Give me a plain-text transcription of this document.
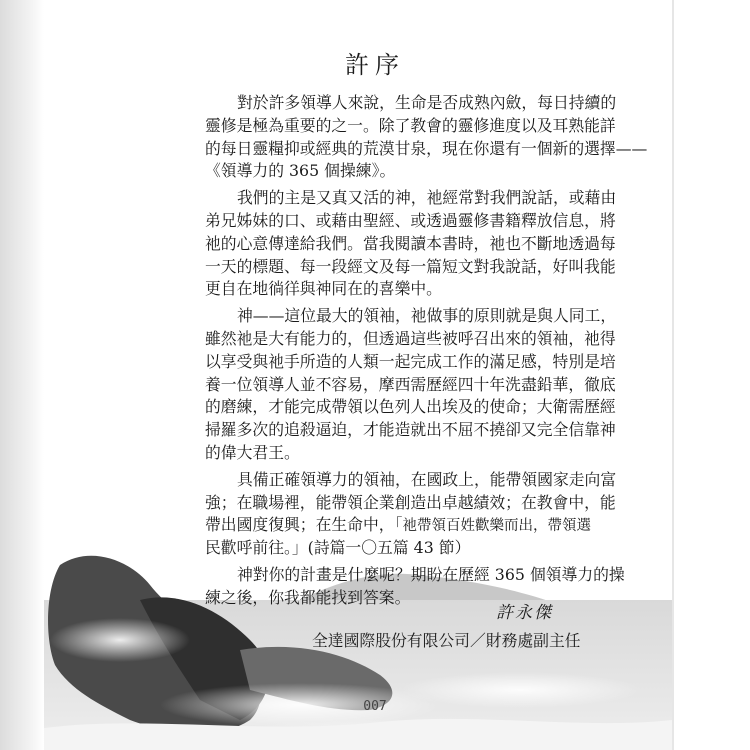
許序
對於許多領導人來說，生命是否成熟內斂，每日持續的
靈修是極為重要的之一。除了教會的靈修進度以及耳熟能詳
的每日靈糧抑或經典的荒漠甘泉，現在你還有一個新的選擇——
《領導力的 365 個操練》。
我們的主是又真又活的神，祂經常對我們說話，或藉由
弟兄姊妹的口、或藉由聖經、或透過靈修書籍釋放信息，將
祂的心意傳達給我們。當我閱讀本書時，祂也不斷地透過每
一天的標題、每一段經文及每一篇短文對我說話，好叫我能
更自在地徜徉與神同在的喜樂中。
神——這位最大的領袖，祂做事的原則就是與人同工，
雖然祂是大有能力的，但透過這些被呼召出來的領袖，祂得
以享受與祂手所造的人類一起完成工作的滿足感，特別是培
養一位領導人並不容易，摩西需歷經四十年洗盡鉛華，徹底
的磨練，才能完成帶領以色列人出埃及的使命；大衛需歷經
掃羅多次的追殺逼迫，才能造就出不屈不撓卻又完全信靠神
的偉大君王。
具備正確領導力的領袖，在國政上，能帶領國家走向富
強；在職場裡，能帶領企業創造出卓越績效；在教會中，能
帶出國度復興；在生命中，「祂帶領百姓歡樂而出，帶領選
民歡呼前往。」(詩篇一〇五篇 43 節）
神對你的計畫是什麼呢？期盼在歷經 365 個領導力的操
練之後，你我都能找到答案。
許永傑
全達國際股份有限公司／財務處副主任
007
